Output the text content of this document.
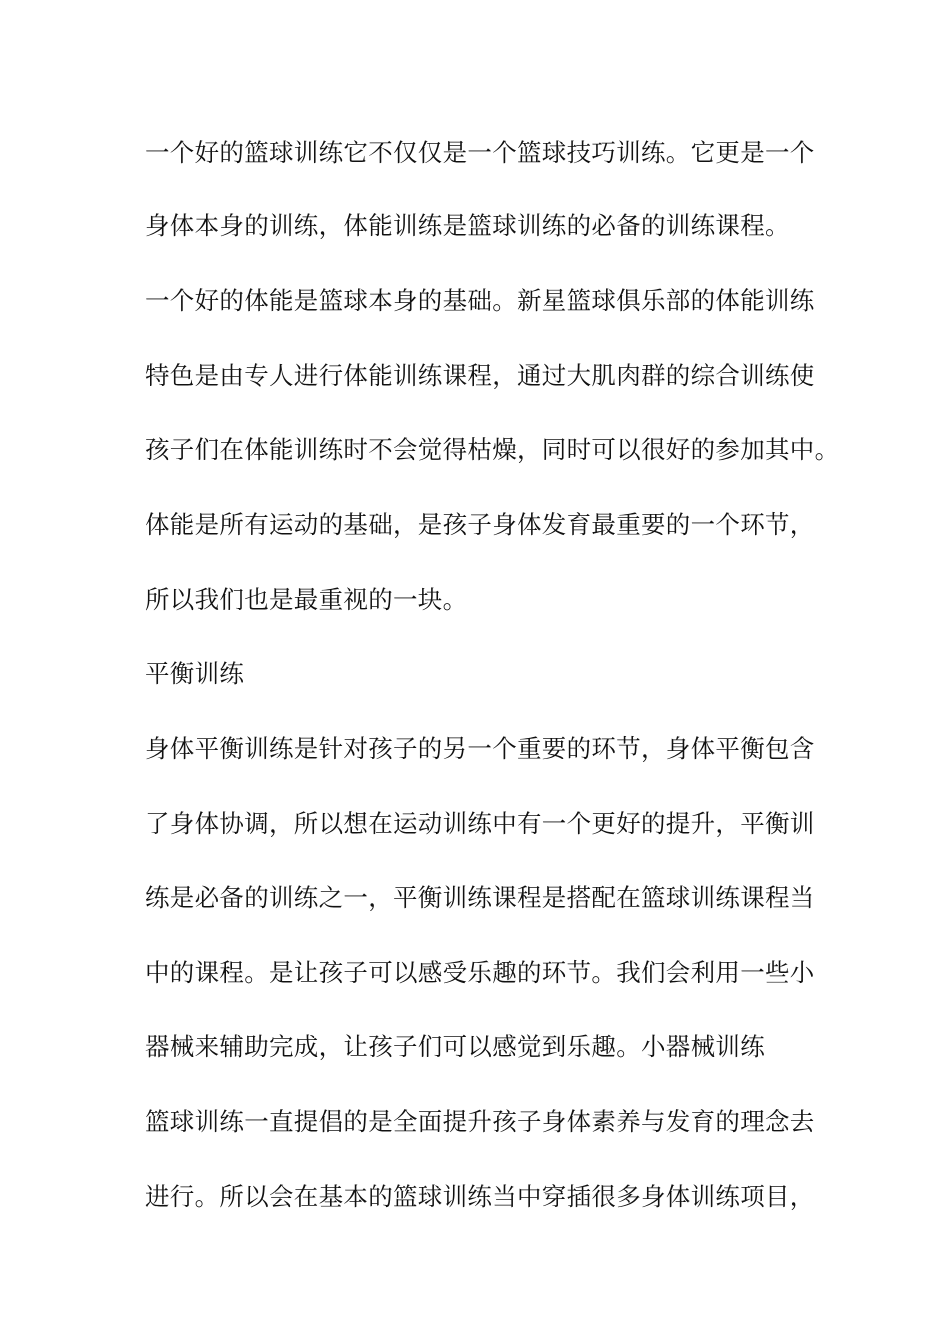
一个好的篮球训练它不仅仅是一个篮球技巧训练。它更是一个
身体本身的训练，体能训练是篮球训练的必备的训练课程。
一个好的体能是篮球本身的基础。新星篮球俱乐部的体能训练
特色是由专人进行体能训练课程，通过大肌肉群的综合训练使
孩子们在体能训练时不会觉得枯燥，同时可以很好的参加其中。
体能是所有运动的基础，是孩子身体发育最重要的一个环节，
所以我们也是最重视的一块。
平衡训练
身体平衡训练是针对孩子的另一个重要的环节，身体平衡包含
了身体协调，所以想在运动训练中有一个更好的提升，平衡训
练是必备的训练之一，平衡训练课程是搭配在篮球训练课程当
中的课程。是让孩子可以感受乐趣的环节。我们会利用一些小
器械来辅助完成，让孩子们可以感觉到乐趣。小器械训练
篮球训练一直提倡的是全面提升孩子身体素养与发育的理念去
进行。所以会在基本的篮球训练当中穿插很多身体训练项目，
